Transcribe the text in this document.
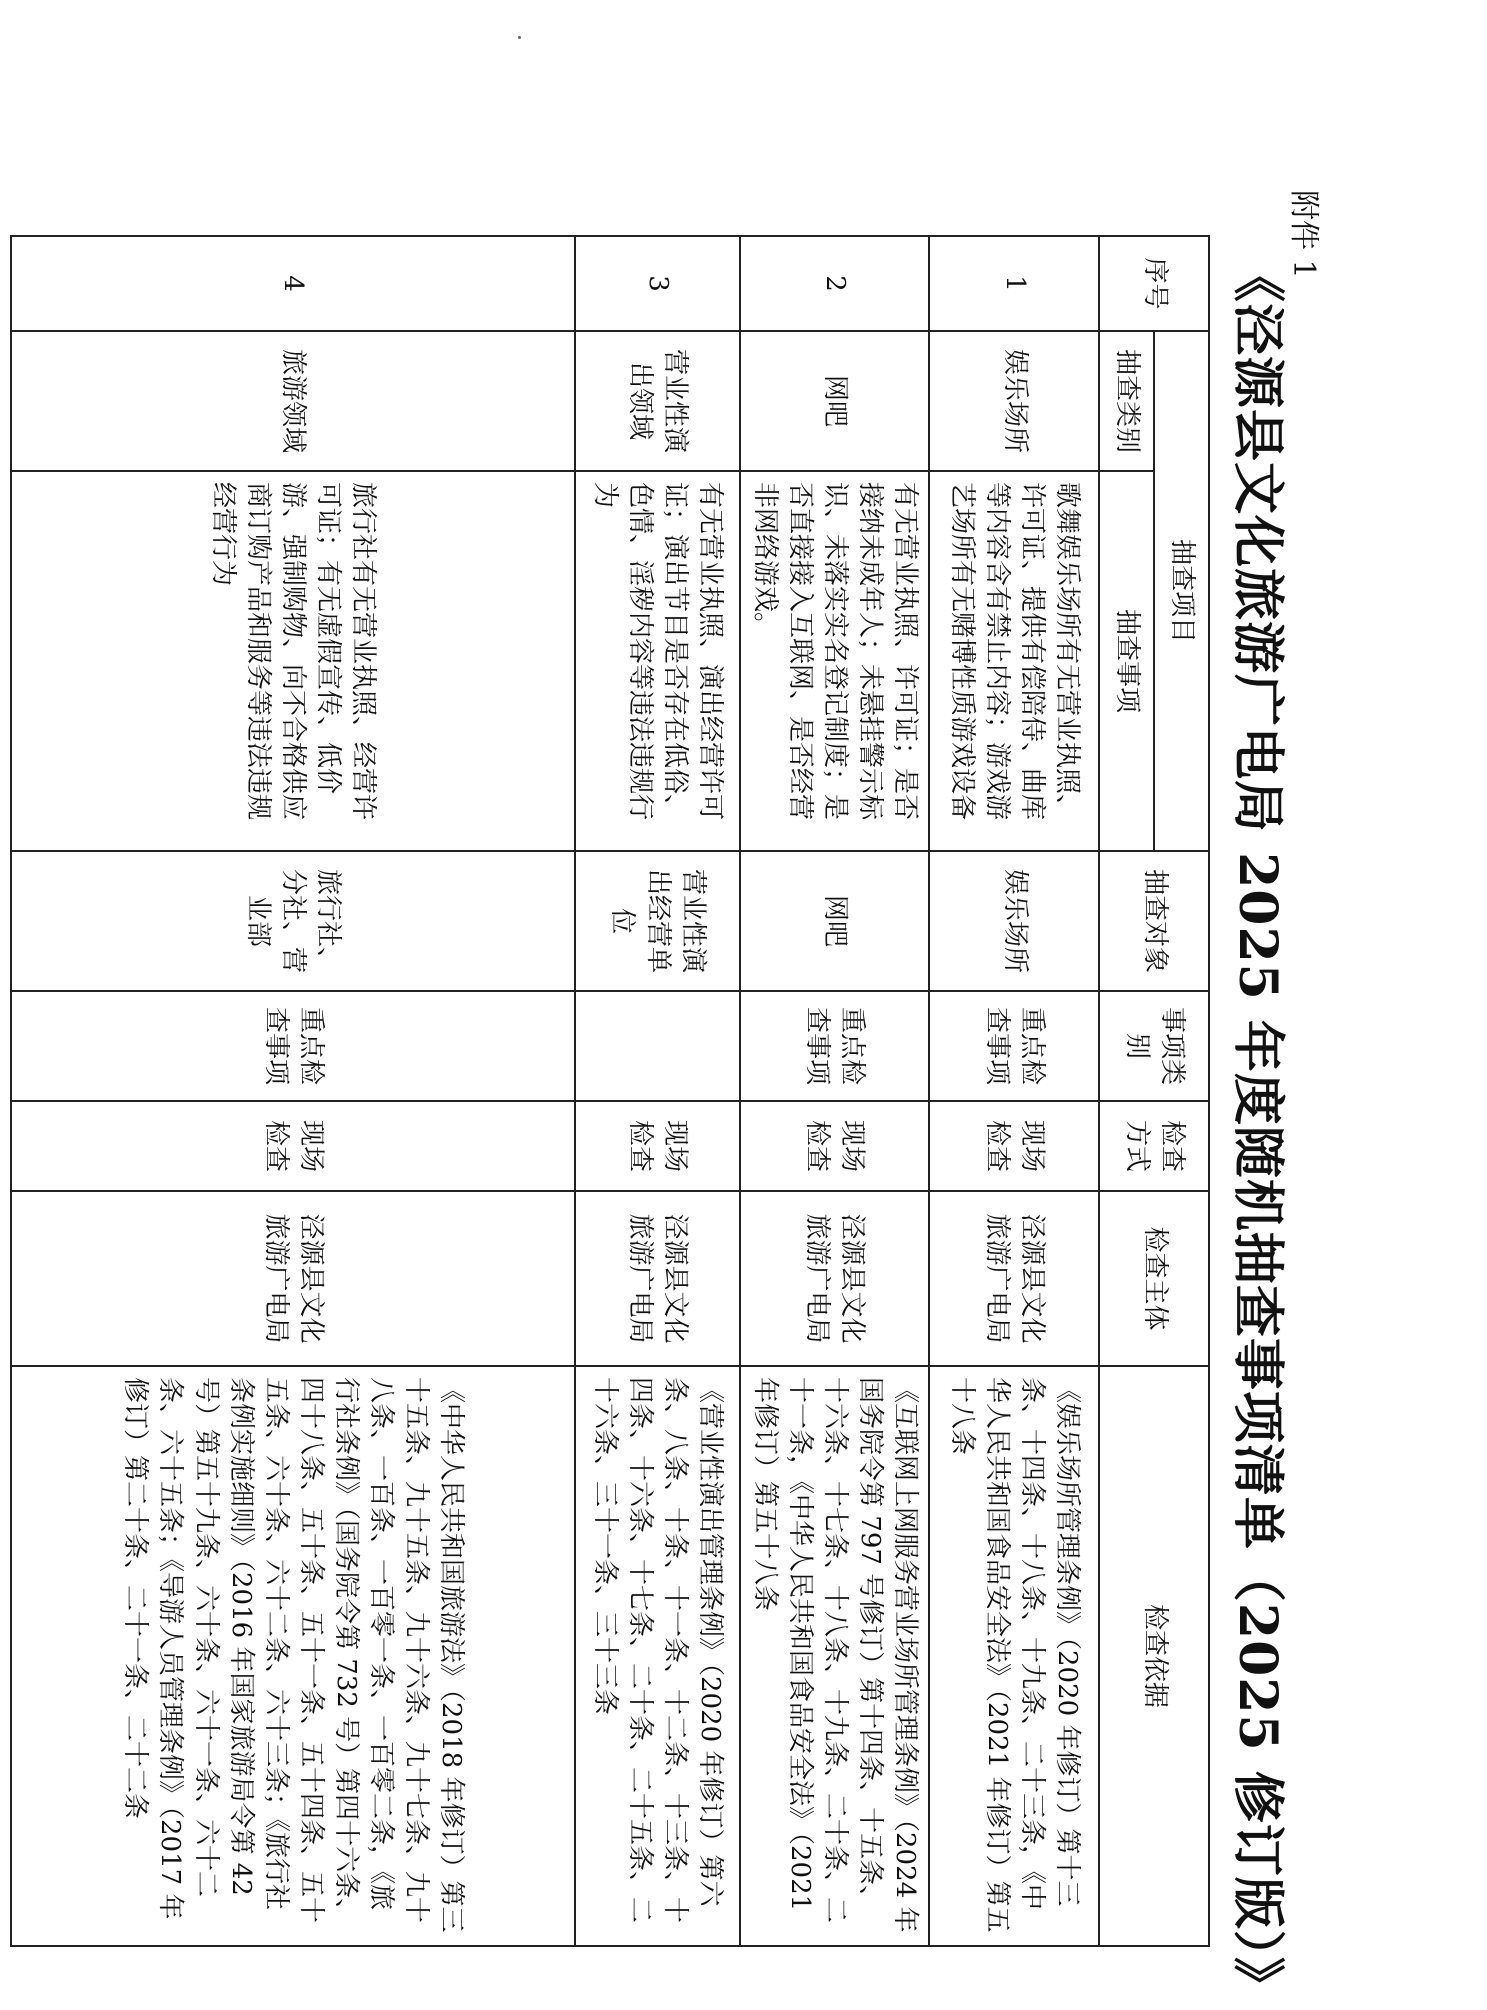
附件 1
《泾源县文化旅游广电局 2025 年度随机抽查事项清单（2025 修订版）》
序号	抽查项目		抽查对象	事项类别	检查方式	检查主体	检查依据
	抽查类别	抽查事项					
1	娱乐场所	歌舞娱乐场所有无营业执照、许可证、提供有偿陪侍、曲库等内容含有禁止内容；游戏游艺场所有无赌博性质游戏设备	娱乐场所	重点检查事项	现场检查	泾源县文化旅游广电局	《娱乐场所管理条例》（2020 年修订）第十三条、十四条、十八条、十九条、二十三条，《中华人民共和国食品安全法》（2021 年修订）第五十八条
2	网吧	有无营业执照、许可证；是否接纳未成年人；未悬挂警示标识、未落实实名登记制度；是否直接接入互联网、是否经营非网络游戏。	网吧	重点检查事项	现场检查	泾源县文化旅游广电局	《互联网上网服务营业场所管理条例》（2024 年国务院令第 797 号修订）第十四条、十五条、十六条、十七条、十八条、十九条、二十条、二十一条，《中华人民共和国食品安全法》（2021 年修订）第五十八条
3	营业性演出领域	有无营业执照、演出经营许可证；演出节目是否存在低俗、色情、淫秽内容等违法违规行为	营业性演出经营单位		现场检查	泾源县文化旅游广电局	《营业性演出管理条例》（2020 年修订）第六条、八条、十条、十一条、十二条、十三条、十四条、十六条、十七条、二十条、二十五条、二十六条、三十一条、三十三条
4	旅游领域	旅行社有无营业执照、经营许可证；有无虚假宣传、低价游、强制购物、向不合格供应商订购产品和服务等违法违规经营行为	旅行社、分社、营业部	重点检查事项	现场检查	泾源县文化旅游广电局	《中华人民共和国旅游法》（2018 年修订）第三十五条、九十五条、九十六条、九十七条、九十八条、一百条、一百零一条、一百零二条，《旅行社条例》（国务院令第 732 号）第四十六条、四十八条、五十条、五十一条、五十四条、五十五条、六十条、六十二条、六十三条；《旅行社条例实施细则》（2016 年国家旅游局令第 42 号）第五十九条、六十条、六十一条、六十二条、六十五条；《导游人员管理条例》（2017 年修订）第二十条、二十一条、二十二条
